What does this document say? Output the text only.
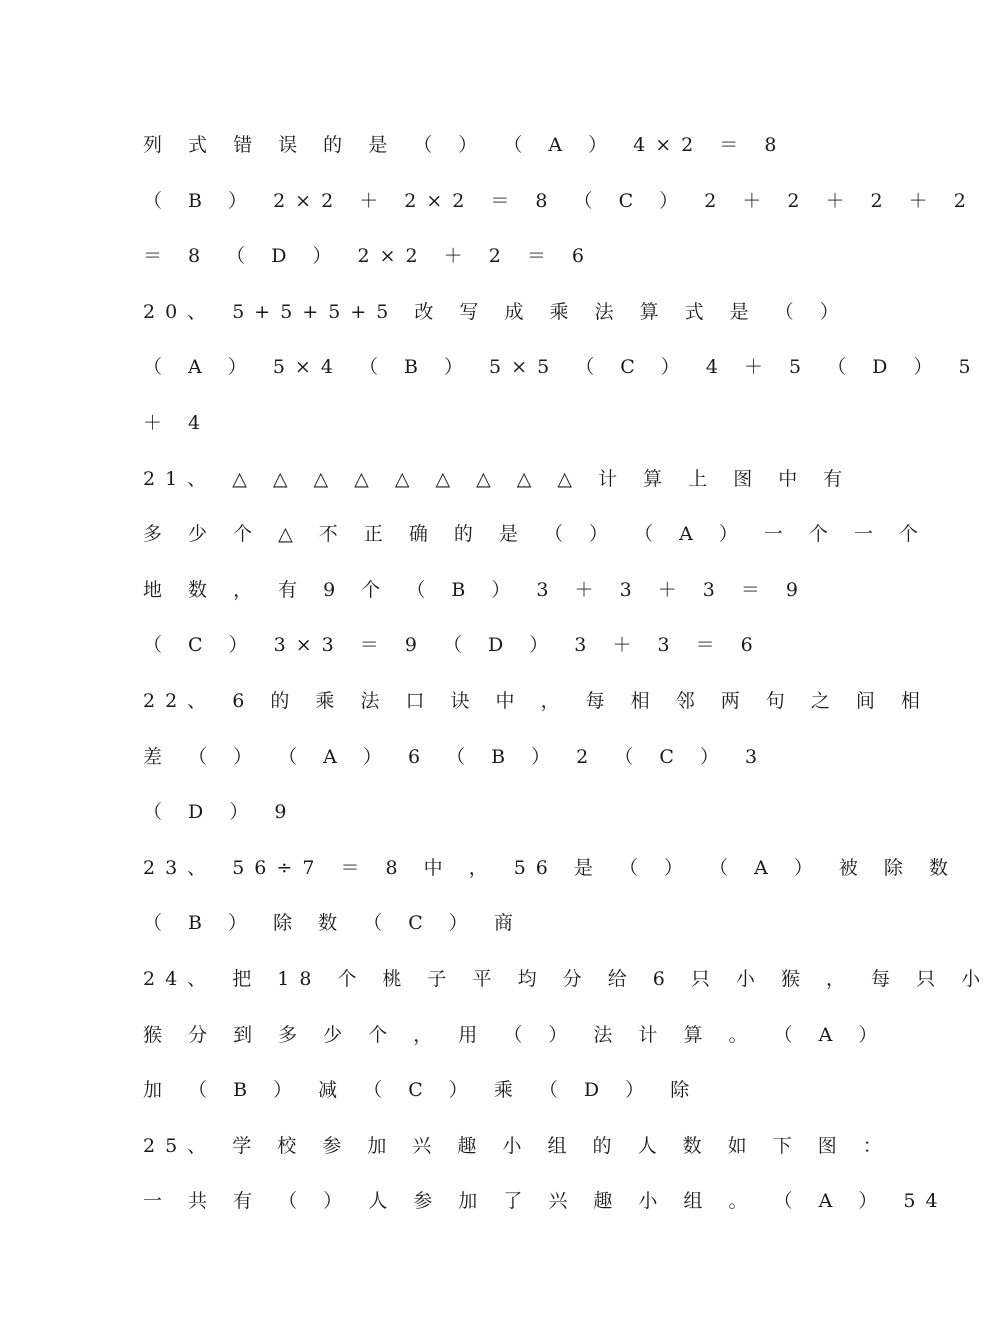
列 式 错 误 的 是 （ ） （ A ） 4×2 ＝ 8
（ B ） 2×2 ＋ 2×2 ＝ 8 （ C ） 2 ＋ 2 ＋ 2 ＋ 2
＝ 8 （ D ） 2×2 ＋ 2 ＝ 6
20、 5+5+5+5 改 写 成 乘 法 算 式 是 （ ）
（ A ） 5×4 （ B ） 5×5 （ C ） 4 ＋ 5 （ D ） 5
＋ 4
21、 △ △ △ △ △ △ △ △ △ 计 算 上 图 中 有
多 少 个 △ 不 正 确 的 是 （ ） （ A ） 一 个 一 个
地 数 ， 有 9 个 （ B ） 3 ＋ 3 ＋ 3 ＝ 9
（ C ） 3×3 ＝ 9 （ D ） 3 ＋ 3 ＝ 6
22、 6 的 乘 法 口 诀 中 ， 每 相 邻 两 句 之 间 相
差 （ ） （ A ） 6 （ B ） 2 （ C ） 3
（ D ） 9
23、 56÷7 ＝ 8 中 ， 56 是 （ ） （ A ） 被 除 数
（ B ） 除 数 （ C ） 商
24、 把 18 个 桃 子 平 均 分 给 6 只 小 猴 ， 每 只 小
猴 分 到 多 少 个 ， 用 （ ） 法 计 算 。 （ A ）
加 （ B ） 减 （ C ） 乘 （ D ） 除
25、 学 校 参 加 兴 趣 小 组 的 人 数 如 下 图 ：
一 共 有 （ ） 人 参 加 了 兴 趣 小 组 。 （ A ） 54
